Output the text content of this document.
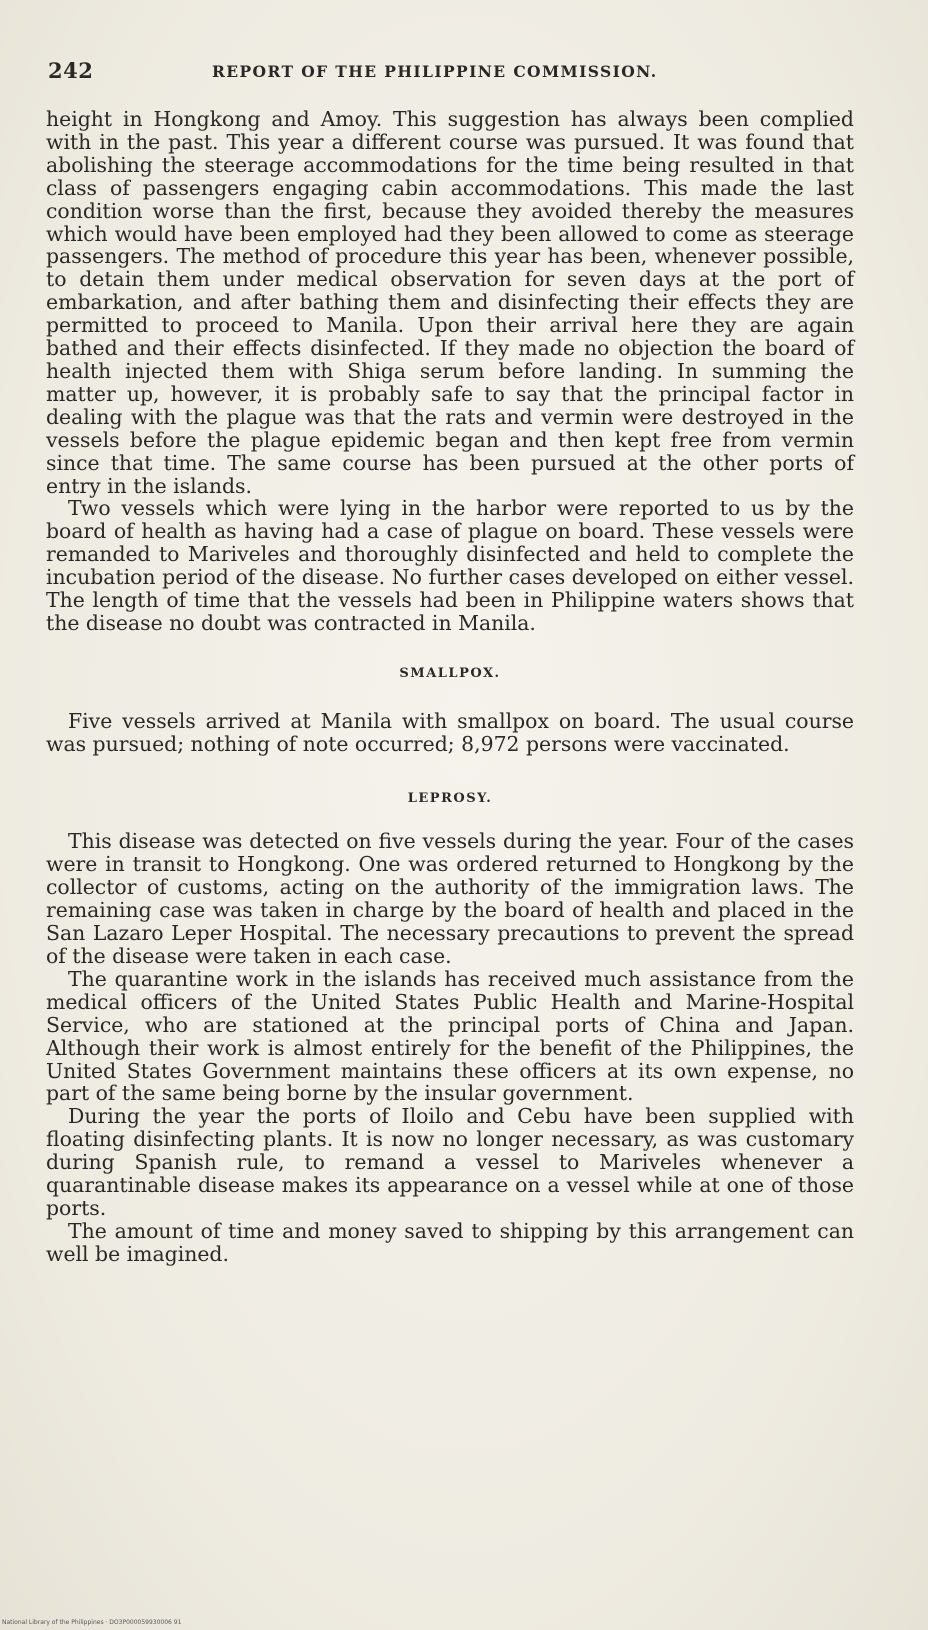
242	REPORT OF THE PHILIPPINE COMMISSION.

height in Hongkong and Amoy. This suggestion has always been complied with in the past. This year a different course was pursued. It was found that abolishing the steerage accommodations for the time being resulted in that class of passengers engaging cabin accommodations. This made the last condition worse than the first, because they avoided thereby the measures which would have been employed had they been allowed to come as steerage passengers. The method of procedure this year has been, whenever possible, to detain them under medical observation for seven days at the port of embarkation, and after bathing them and disinfecting their effects they are permitted to proceed to Manila. Upon their arrival here they are again bathed and their effects disinfected. If they made no objection the board of health injected them with Shiga serum before landing. In summing the matter up, however, it is probably safe to say that the principal factor in dealing with the plague was that the rats and vermin were destroyed in the vessels before the plague epidemic began and then kept free from vermin since that time. The same course has been pursued at the other ports of entry in the islands.

Two vessels which were lying in the harbor were reported to us by the board of health as having had a case of plague on board. These vessels were remanded to Mariveles and thoroughly disinfected and held to complete the incubation period of the disease. No further cases developed on either vessel. The length of time that the vessels had been in Philippine waters shows that the disease no doubt was contracted in Manila.

SMALLPOX.

Five vessels arrived at Manila with smallpox on board. The usual course was pursued; nothing of note occurred; 8,972 persons were vaccinated.

LEPROSY.

This disease was detected on five vessels during the year. Four of the cases were in transit to Hongkong. One was ordered returned to Hongkong by the collector of customs, acting on the authority of the immigration laws. The remaining case was taken in charge by the board of health and placed in the San Lazaro Leper Hospital. The necessary precautions to prevent the spread of the disease were taken in each case.

The quarantine work in the islands has received much assistance from the medical officers of the United States Public Health and Marine-Hospital Service, who are stationed at the principal ports of China and Japan. Although their work is almost entirely for the benefit of the Philippines, the United States Government maintains these officers at its own expense, no part of the same being borne by the insular government.

During the year the ports of Iloilo and Cebu have been supplied with floating disinfecting plants. It is now no longer necessary, as was customary during Spanish rule, to remand a vessel to Mariveles whenever a quarantinable disease makes its appearance on a vessel while at one of those ports.

The amount of time and money saved to shipping by this arrangement can well be imagined.

National Library of the Philippines · DO3P000059930006 91
